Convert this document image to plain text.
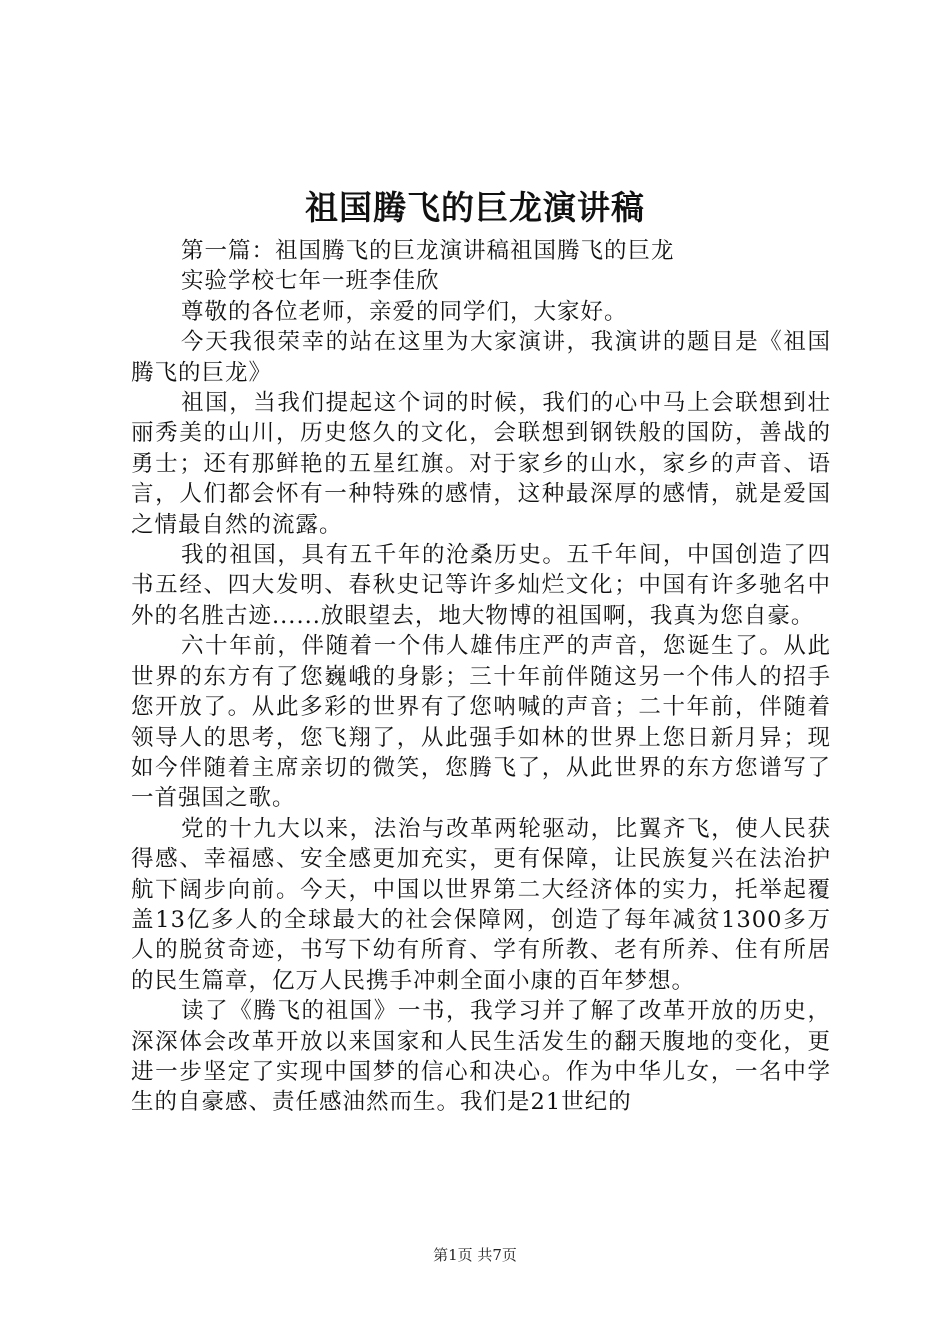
祖国腾飞的巨龙演讲稿

第一篇：祖国腾飞的巨龙演讲稿祖国腾飞的巨龙

实验学校七年一班李佳欣

尊敬的各位老师，亲爱的同学们，大家好。

今天我很荣幸的站在这里为大家演讲，我演讲的题目是《祖国腾飞的巨龙》

祖国，当我们提起这个词的时候，我们的心中马上会联想到壮丽秀美的山川，历史悠久的文化，会联想到钢铁般的国防，善战的勇士；还有那鲜艳的五星红旗。对于家乡的山水，家乡的声音、语言，人们都会怀有一种特殊的感情，这种最深厚的感情，就是爱国之情最自然的流露。

我的祖国，具有五千年的沧桑历史。五千年间，中国创造了四书五经、四大发明、春秋史记等许多灿烂文化；中国有许多驰名中外的名胜古迹......放眼望去，地大物博的祖国啊，我真为您自豪。

六十年前，伴随着一个伟人雄伟庄严的声音，您诞生了。从此世界的东方有了您巍峨的身影；三十年前伴随这另一个伟人的招手您开放了。从此多彩的世界有了您呐喊的声音；二十年前，伴随着领导人的思考，您飞翔了，从此强手如林的世界上您日新月异；现如今伴随着主席亲切的微笑，您腾飞了，从此世界的东方您谱写了一首强国之歌。

党的十九大以来，法治与改革两轮驱动，比翼齐飞，使人民获得感、幸福感、安全感更加充实，更有保障，让民族复兴在法治护航下阔步向前。今天，中国以世界第二大经济体的实力，托举起覆盖13亿多人的全球最大的社会保障网，创造了每年减贫1300多万人的脱贫奇迹，书写下幼有所育、学有所教、老有所养、住有所居的民生篇章，亿万人民携手冲刺全面小康的百年梦想。

读了《腾飞的祖国》一书，我学习并了解了改革开放的历史，深深体会改革开放以来国家和人民生活发生的翻天腹地的变化，更进一步坚定了实现中国梦的信心和决心。作为中华儿女，一名中学生的自豪感、责任感油然而生。我们是21世纪的

第1页 共7页
